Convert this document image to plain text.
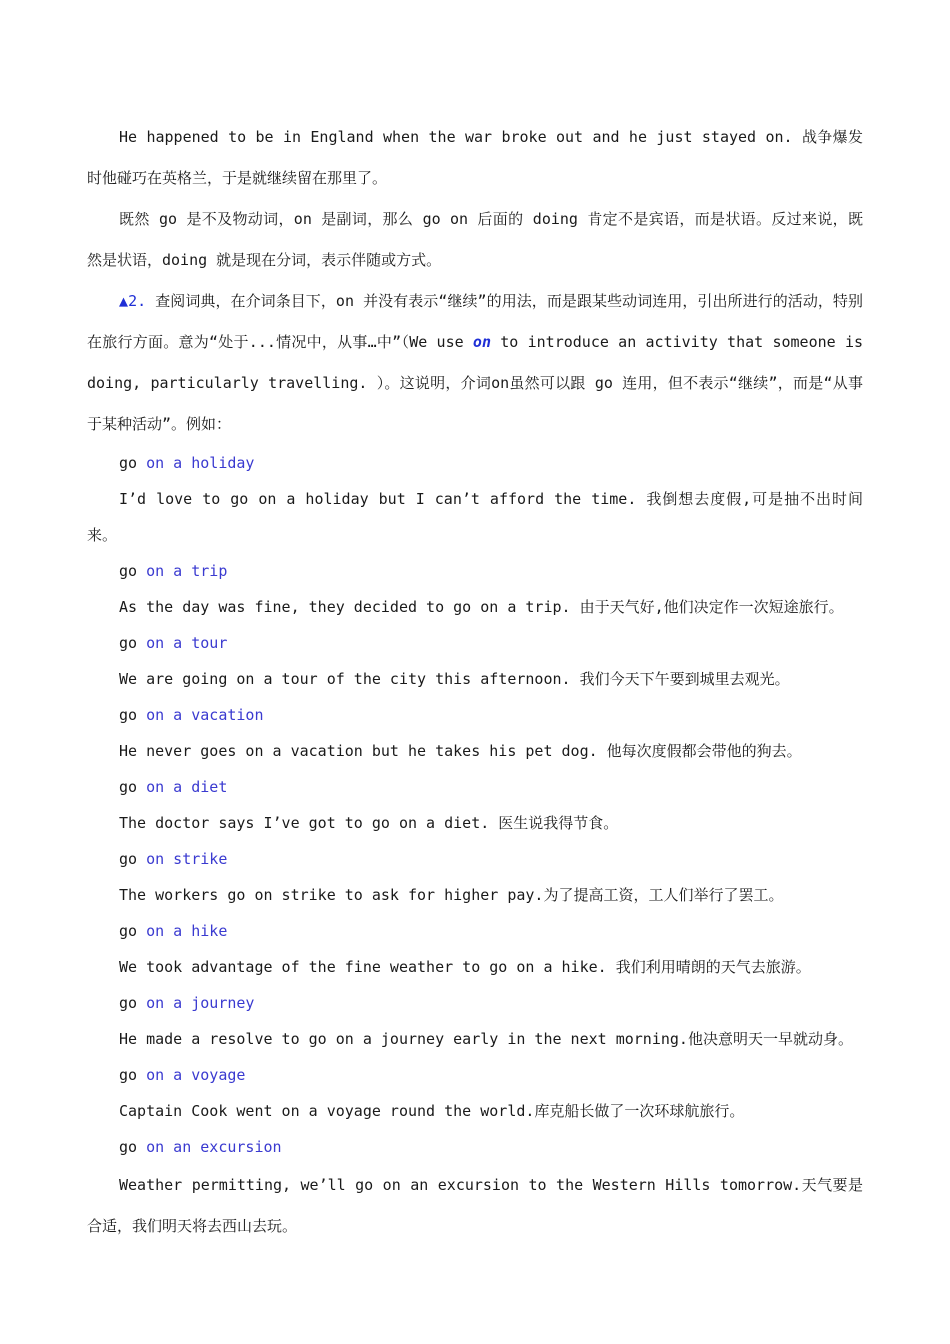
He happened to be in England when the war broke out and he just stayed on. 战争爆发时他碰巧在英格兰，于是就继续留在那里了。

既然 go 是不及物动词，on 是副词，那么 go on 后面的 doing 肯定不是宾语，而是状语。反过来说，既然是状语，doing 就是现在分词，表示伴随或方式。

▲2. 查阅词典，在介词条目下，on 并没有表示“继续”的用法，而是跟某些动词连用，引出所进行的活动，特别在旅行方面。意为“处于...情况中，从事…中”（We use on to introduce an activity that someone is doing, particularly travelling. ）。这说明，介词on虽然可以跟 go 连用，但不表示“继续”，而是“从事于某种活动”。例如：

go on a holiday

I’d love to go on a holiday but I can’t afford the time. 我倒想去度假,可是抽不出时间来。

go on a trip

As the day was fine, they decided to go on a trip. 由于天气好,他们决定作一次短途旅行。

go on a tour

We are going on a tour of the city this afternoon. 我们今天下午要到城里去观光。

go on a vacation

He never goes on a vacation but he takes his pet dog. 他每次度假都会带他的狗去。

go on a diet

The doctor says I’ve got to go on a diet. 医生说我得节食。

go on strike

The workers go on strike to ask for higher pay.为了提高工资，工人们举行了罢工。

go on a hike

We took advantage of the fine weather to go on a hike. 我们利用晴朗的天气去旅游。

go on a journey

He made a resolve to go on a journey early in the next morning.他决意明天一早就动身。

go on a voyage

Captain Cook went on a voyage round the world.库克船长做了一次环球航旅行。

go on an excursion

Weather permitting, we’ll go on an excursion to the Western Hills tomorrow.天气要是合适，我们明天将去西山去玩。
